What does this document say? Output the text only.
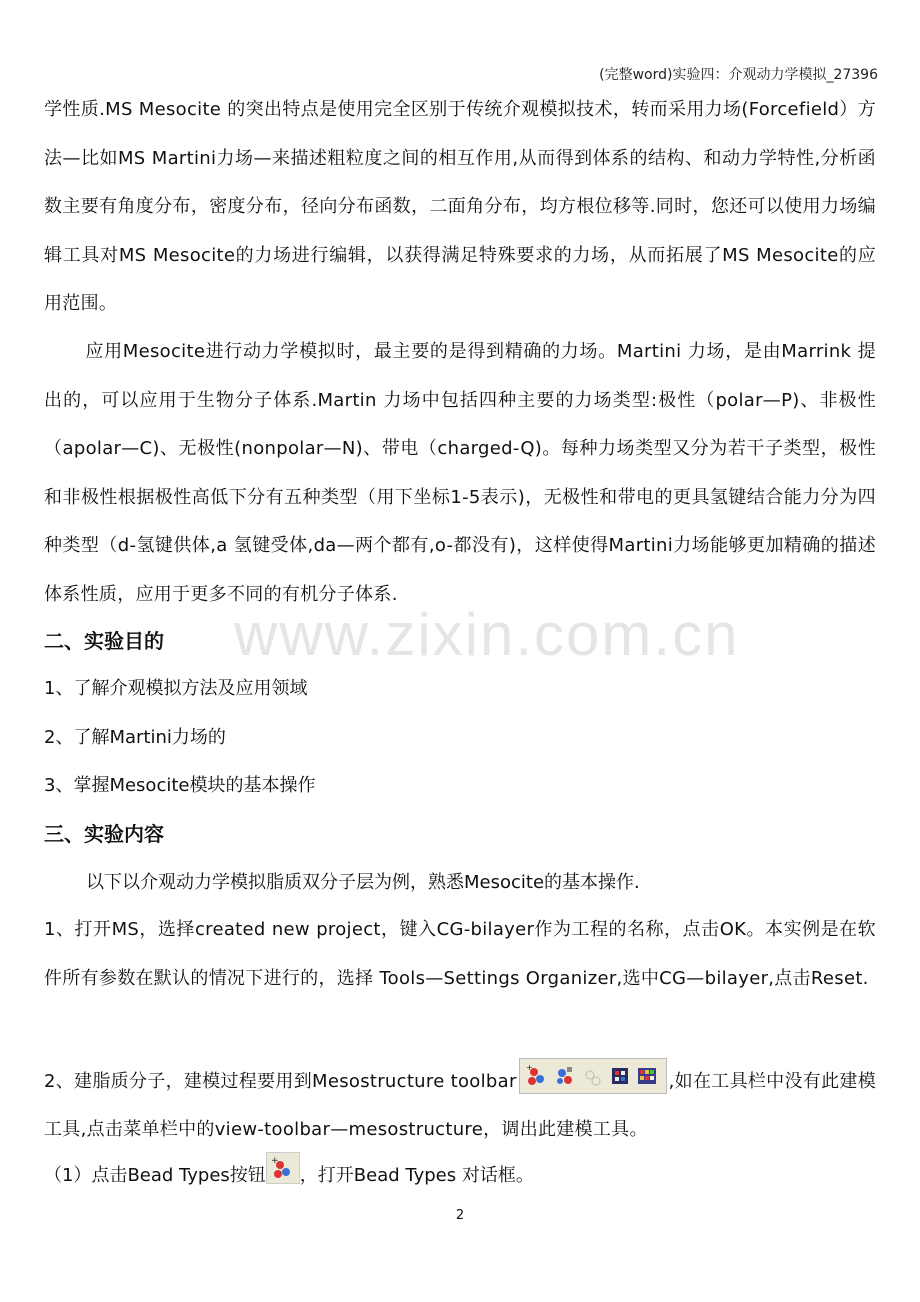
(完整word)实验四：介观动力学模拟_27396
www.zixin.com.cn

学性质.MS Mesocite 的突出特点是使用完全区别于传统介观模拟技术，转而采用力场(Forcefield）方法—比如MS Martini力场—来描述粗粒度之间的相互作用,从而得到体系的结构、和动力学特性,分析函数主要有角度分布，密度分布，径向分布函数，二面角分布，均方根位移等.同时，您还可以使用力场编辑工具对MS Mesocite的力场进行编辑，以获得满足特殊要求的力场，从而拓展了MS Mesocite的应用范围。

应用Mesocite进行动力学模拟时，最主要的是得到精确的力场。Martini 力场，是由Marrink 提出的，可以应用于生物分子体系.Martin 力场中包括四种主要的力场类型:极性（polar—P)、非极性（apolar—C)、无极性(nonpolar—N)、带电（charged-Q)。每种力场类型又分为若干子类型，极性和非极性根据极性高低下分有五种类型（用下坐标1-5表示)，无极性和带电的更具氢键结合能力分为四种类型（d-氢键供体,a 氢键受体,da—两个都有,o-都没有)，这样使得Martini力场能够更加精确的描述体系性质，应用于更多不同的有机分子体系.

二、实验目的

1、了解介观模拟方法及应用领域

2、了解Martini力场的

3、掌握Mesocite模块的基本操作

三、实验内容

以下以介观动力学模拟脂质双分子层为例，熟悉Mesocite的基本操作.

1、打开MS，选择created new project，键入CG-bilayer作为工程的名称，点击OK。本实例是在软件所有参数在默认的情况下进行的，选择 Tools—Settings Organizer,选中CG—bilayer,点击Reset.

2、建脂质分子，建模过程要用到Mesostructure toolbar
+
,如在工具栏中没有此建模工具,点击菜单栏中的view-toolbar—mesostructure，调出此建模工具。

（1）点击Bead Types按钮
+
，打开Bead Types 对话框。

2
